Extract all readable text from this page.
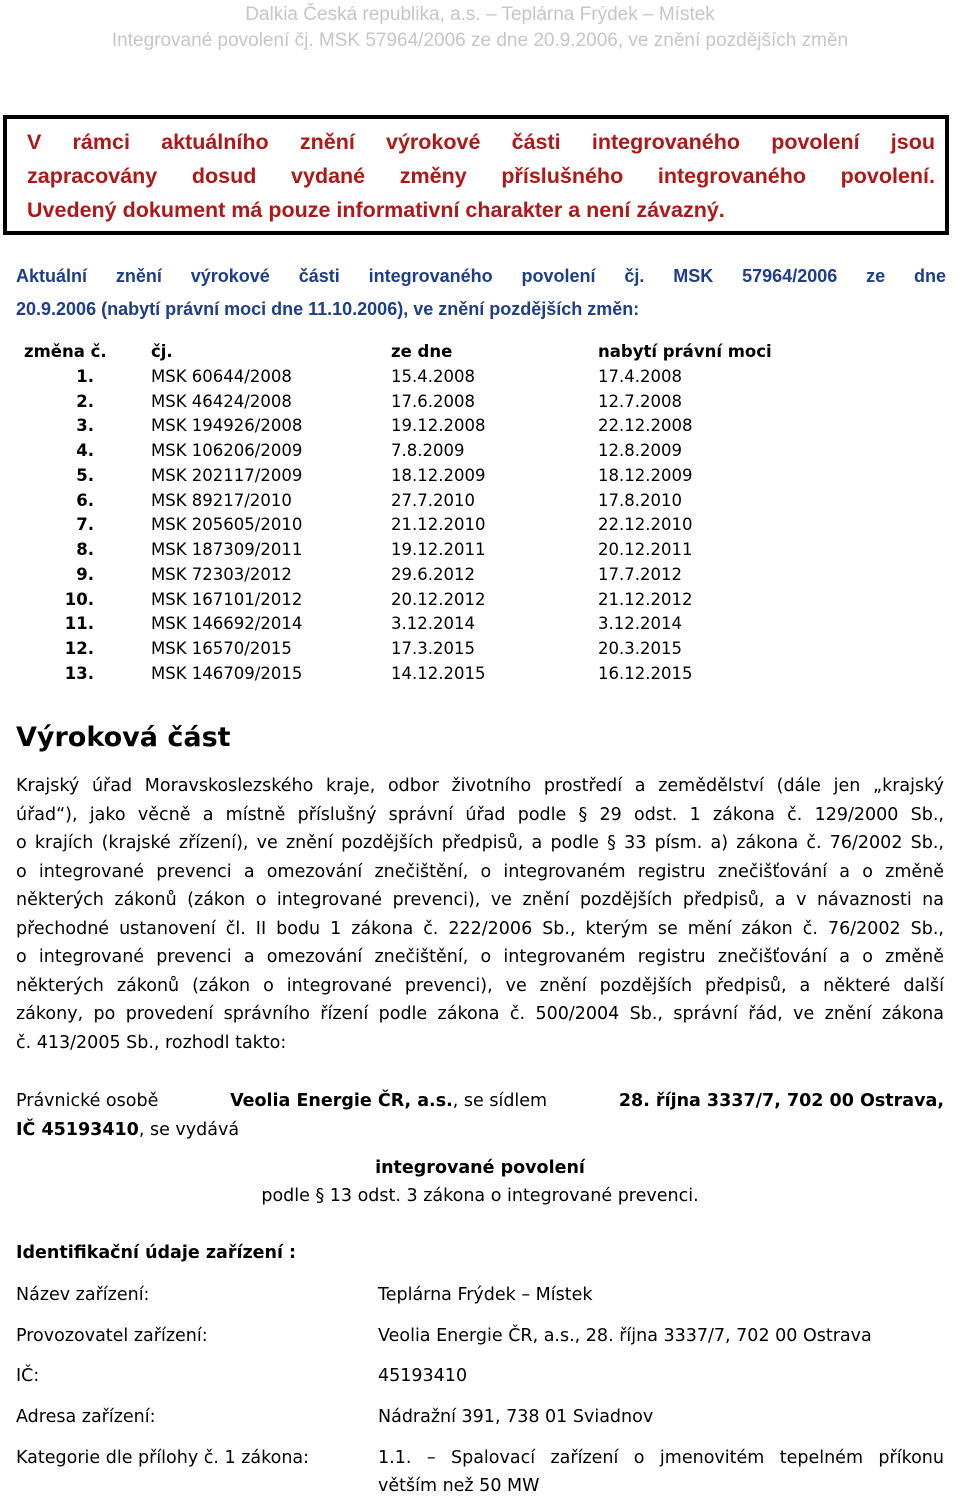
Dalkia Česká republika, a.s. – Teplárna Frýdek – Místek
Integrované povolení čj. MSK 57964/2006 ze dne 20.9.2006, ve znění pozdějších změn
V rámci aktuálního znění výrokové části integrovaného povolení jsou
zapracovány dosud vydané změny příslušného integrovaného povolení.
Uvedený dokument má pouze informativní charakter a není závazný.
Aktuální znění výrokové části integrovaného povolení čj. MSK 57964/2006 ze dne
20.9.2006 (nabytí právní moci dne 11.10.2006), ve znění pozdějších změn:
změna č.	čj.	ze dne	nabytí právní moci
1.	MSK 60644/2008	15.4.2008	17.4.2008
2.	MSK 46424/2008	17.6.2008	12.7.2008
3.	MSK 194926/2008	19.12.2008	22.12.2008
4.	MSK 106206/2009	7.8.2009	12.8.2009
5.	MSK 202117/2009	18.12.2009	18.12.2009
6.	MSK 89217/2010	27.7.2010	17.8.2010
7.	MSK 205605/2010	21.12.2010	22.12.2010
8.	MSK 187309/2011	19.12.2011	20.12.2011
9.	MSK 72303/2012	29.6.2012	17.7.2012
10.	MSK 167101/2012	20.12.2012	21.12.2012
11.	MSK 146692/2014	3.12.2014	3.12.2014
12.	MSK 16570/2015	17.3.2015	20.3.2015
13.	MSK 146709/2015	14.12.2015	16.12.2015
Výroková část
Krajský úřad Moravskoslezského kraje, odbor životního prostředí a zemědělství (dále jen „krajský
úřad“), jako věcně a místně příslušný správní úřad podle § 29 odst. 1 zákona č. 129/2000 Sb.,
o krajích (krajské zřízení), ve znění pozdějších předpisů, a podle § 33 písm. a) zákona č. 76/2002 Sb.,
o integrované prevenci a omezování znečištění, o integrovaném registru znečišťování a o změně
některých zákonů (zákon o integrované prevenci), ve znění pozdějších předpisů, a v návaznosti na
přechodné ustanovení čl. II bodu 1 zákona č. 222/2006 Sb., kterým se mění zákon č. 76/2002 Sb.,
o integrované prevenci a omezování znečištění, o integrovaném registru znečišťování a o změně
některých zákonů (zákon o integrované prevenci), ve znění pozdějších předpisů, a některé další
zákony, po provedení správního řízení podle zákona č. 500/2004 Sb., správní řád, ve znění zákona
č. 413/2005 Sb., rozhodl takto:
Právnické osobě	Veolia Energie ČR, a.s., se sídlem	28. října 3337/7, 702 00 Ostrava,
IČ 45193410, se vydává
integrované povolení
podle § 13 odst. 3 zákona o integrované prevenci.
Identifikační údaje zařízení :
Název zařízení:	Teplárna Frýdek – Místek
Provozovatel zařízení:	Veolia Energie ČR, a.s., 28. října 3337/7, 702 00 Ostrava
IČ:	45193410
Adresa zařízení:	Nádražní 391, 738 01 Sviadnov
Kategorie dle přílohy č. 1 zákona:	1.1. – Spalovací zařízení o jmenovitém tepelném příkonu
větším než 50 MW
